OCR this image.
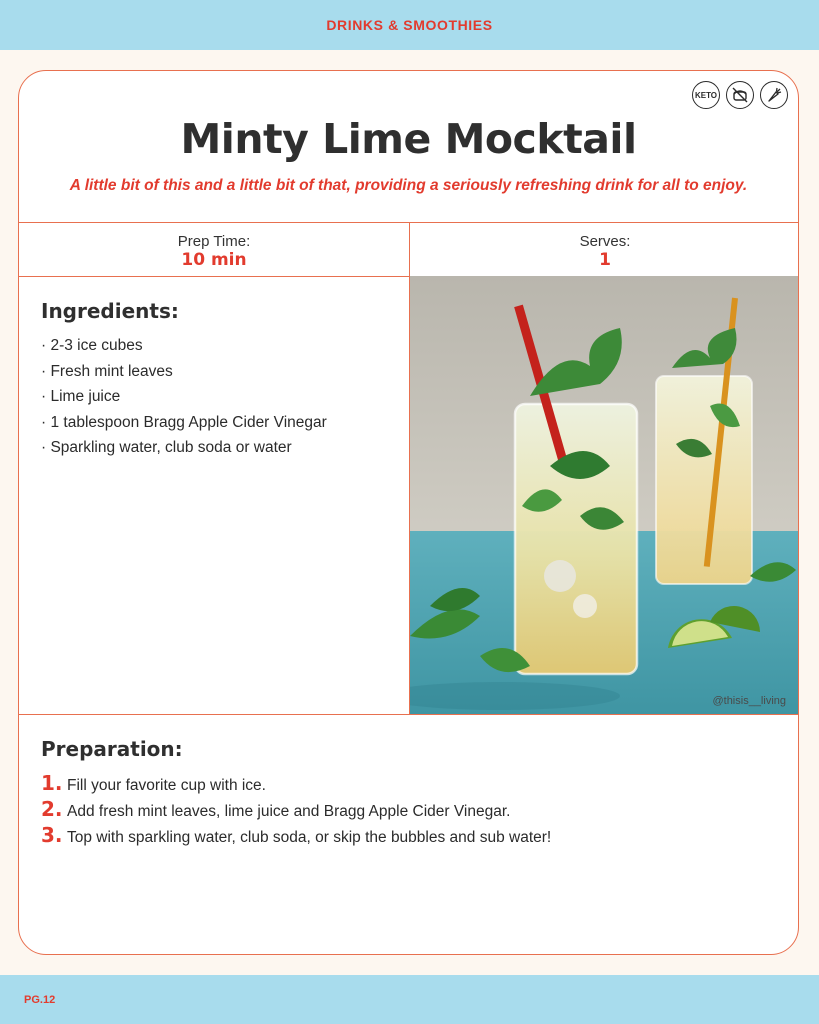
DRINKS & SMOOTHIES
KETO
Minty Lime Mocktail
A little bit of this and a little bit of that, providing a seriously refreshing drink for all to enjoy.
Prep Time:
10 min
Serves:
1
Ingredients:
· 2-3 ice cubes
· Fresh mint leaves
· Lime juice
· 1 tablespoon Bragg Apple Cider Vinegar
· Sparkling water, club soda or water
@thisis__living
Preparation:
1. Fill your favorite cup with ice.
2. Add fresh mint leaves, lime juice and Bragg Apple Cider Vinegar.
3. Top with sparkling water, club soda, or skip the bubbles and sub water!
PG.12
